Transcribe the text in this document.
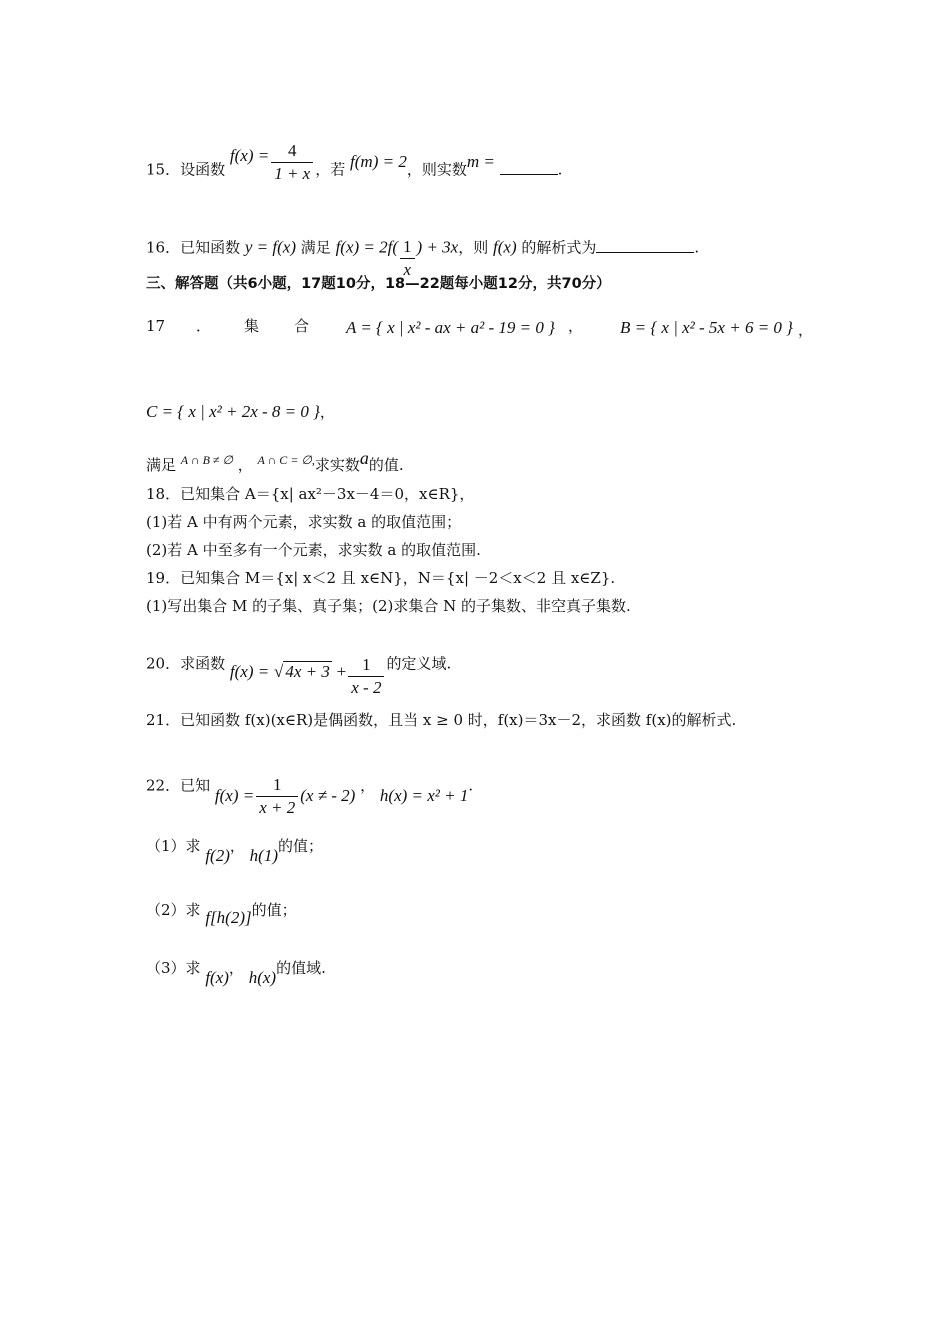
15．设函数 $f(x) = \frac{4}{1 + x}$ ，若 f(m) = 2，则实数m =	.
16．已知函数 y = f(x) 满足 $f(x) = 2f( \frac{1}{x}$ ) + 3x，则 f(x) 的解析式为	.
三、解答题（共6小题，17题10分，18—22题每小题12分，共70分）
17 ． 集 合 A = { x | x² - ax + a² - 19 = 0 } ， B = { x | x² - 5x + 6 = 0 } ，
C = { x | x² + 2x - 8 = 0 }，
满足 $^{A \cap B \ne \emptyset}$ ， $^{A \cap C = \emptyset,}$求实数a的值.
18．已知集合 A＝{x| ax²－3x－4＝0，x∈R}，
(1)若 A 中有两个元素，求实数 a 的取值范围；
(2)若 A 中至多有一个元素，求实数 a 的取值范围.
19．已知集合 M＝{x| x＜2 且 x∈N}，N＝{x| －2＜x＜2 且 x∈Z}.
(1)写出集合 M 的子集、真子集；(2)求集合 N 的子集数、非空真子集数.
20．求函数 f(x) = √ $4x + 3 + \frac{1}{x - 2}$ 的定义域.
21．已知函数 f(x)(x∈R)是偶函数，且当 x ≥ 0 时，f(x)＝3x－2，求函数 f(x)的解析式.
22．已知 $f(x) = \frac{1}{x + 2} (x$ ≠ - 2) ， h(x) = x² + 1.
（1）求 f(2)， h(1)的值；
（2）求 f[h(2)]的值；
（3）求 f(x)， h(x)的值域.
